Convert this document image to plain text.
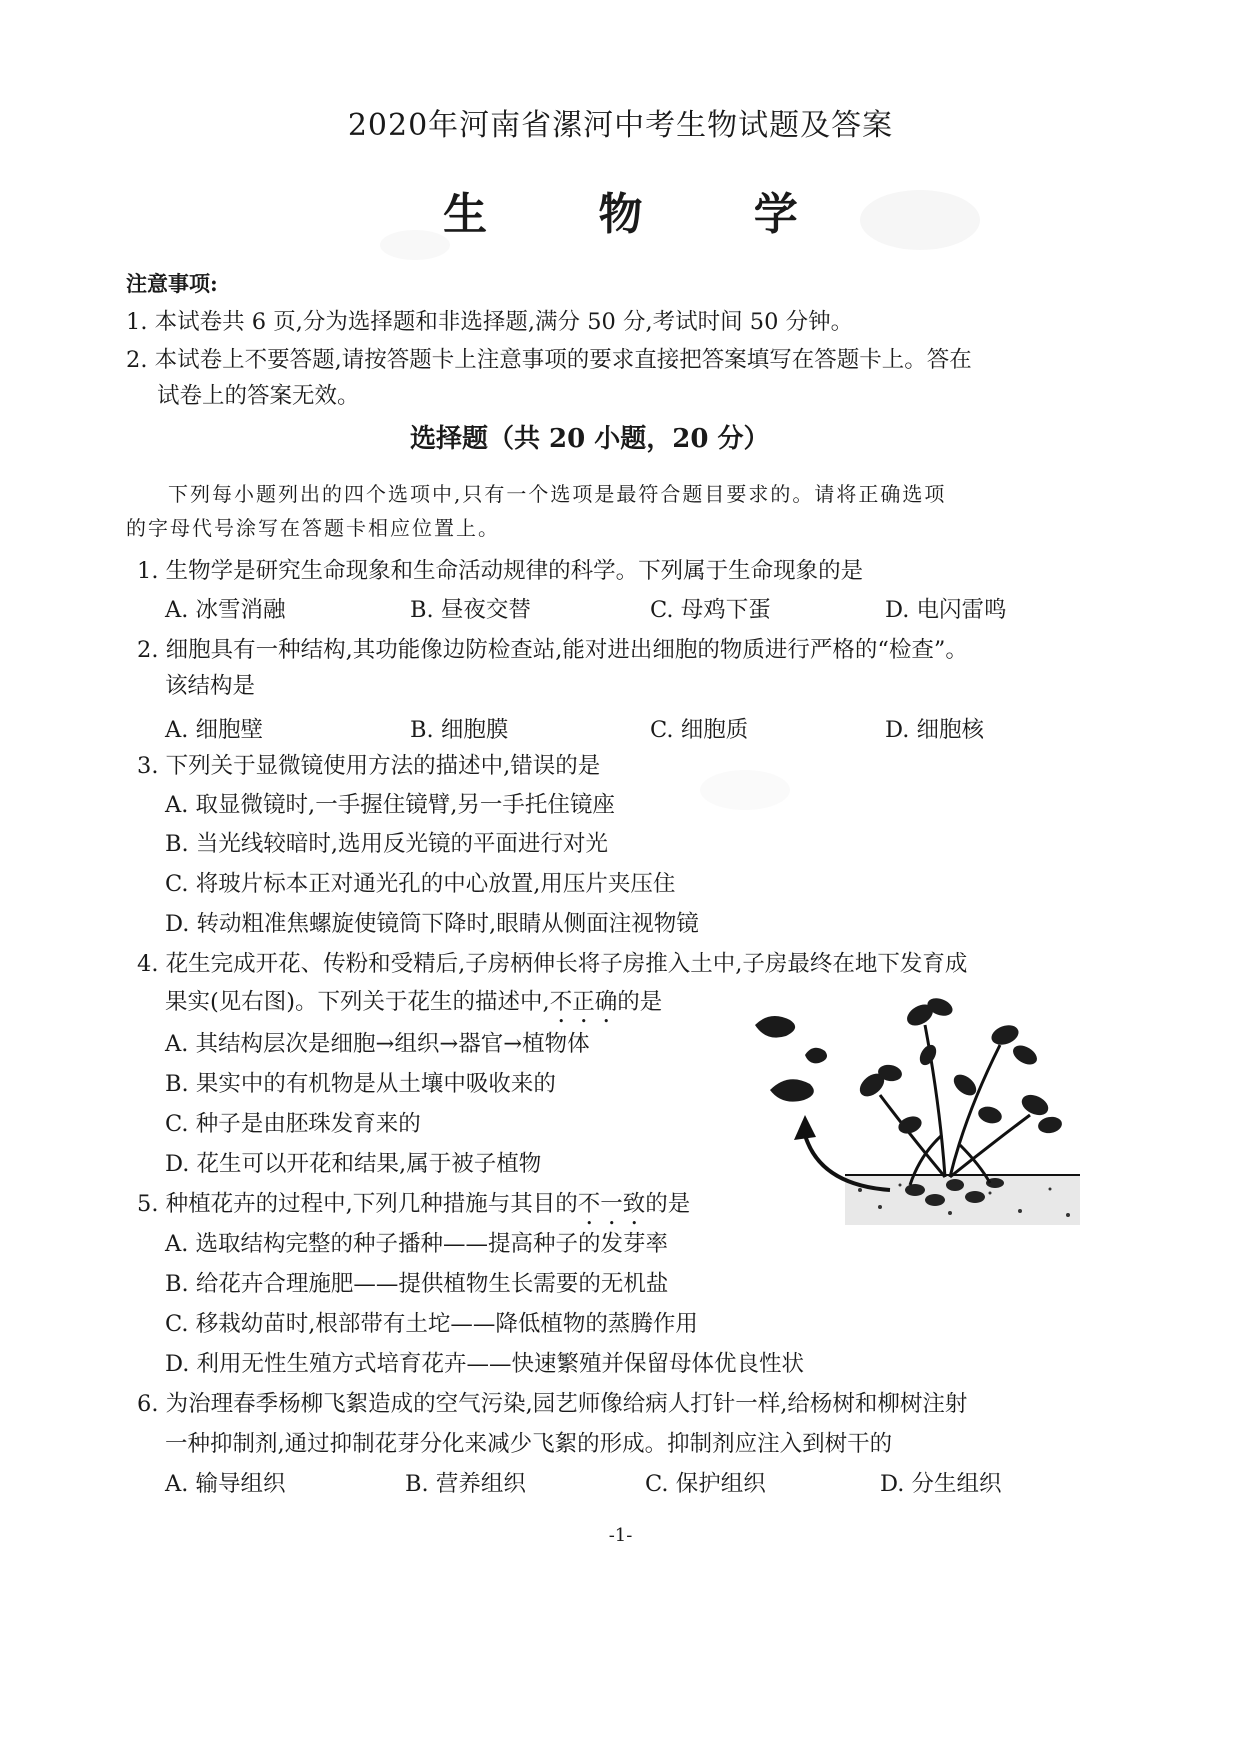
2020年河南省漯河中考生物试题及答案
生 物 学
注意事项:
1. 本试卷共 6 页,分为选择题和非选择题,满分 50 分,考试时间 50 分钟。
2. 本试卷上不要答题,请按答题卡上注意事项的要求直接把答案填写在答题卡上。答在
试卷上的答案无效。
选择题（共 20 小题，20 分）
下列每小题列出的四个选项中,只有一个选项是最符合题目要求的。请将正确选项
的字母代号涂写在答题卡相应位置上。
1. 生物学是研究生命现象和生命活动规律的科学。下列属于生命现象的是
A. 冰雪消融	B. 昼夜交替	C. 母鸡下蛋	D. 电闪雷鸣
2. 细胞具有一种结构,其功能像边防检查站,能对进出细胞的物质进行严格的“检查”。
该结构是
A. 细胞壁	B. 细胞膜	C. 细胞质	D. 细胞核
3. 下列关于显微镜使用方法的描述中,错误的是
A. 取显微镜时,一手握住镜臂,另一手托住镜座
B. 当光线较暗时,选用反光镜的平面进行对光
C. 将玻片标本正对通光孔的中心放置,用压片夹压住
D. 转动粗准焦螺旋使镜筒下降时,眼睛从侧面注视物镜
4. 花生完成开花、传粉和受精后,子房柄伸长将子房推入土中,子房最终在地下发育成
果实(见右图)。下列关于花生的描述中,不正确的是
A. 其结构层次是细胞→组织→器官→植物体
B. 果实中的有机物是从土壤中吸收来的
C. 种子是由胚珠发育来的
D. 花生可以开花和结果,属于被子植物
5. 种植花卉的过程中,下列几种措施与其目的不一致的是
A. 选取结构完整的种子播种——提高种子的发芽率
B. 给花卉合理施肥——提供植物生长需要的无机盐
C. 移栽幼苗时,根部带有土坨——降低植物的蒸腾作用
D. 利用无性生殖方式培育花卉——快速繁殖并保留母体优良性状
6. 为治理春季杨柳飞絮造成的空气污染,园艺师像给病人打针一样,给杨树和柳树注射
一种抑制剂,通过抑制花芽分化来减少飞絮的形成。抑制剂应注入到树干的
A. 输导组织	B. 营养组织	C. 保护组织	D. 分生组织
-1-
